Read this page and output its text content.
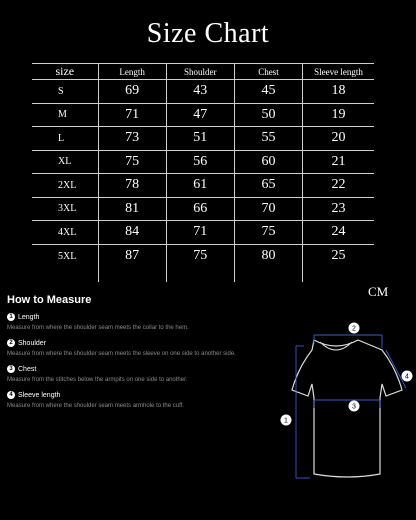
Size Chart
size	Length	Shoulder	Chest	Sleeve length
S	69	43	45	18
M	71	47	50	19
L	73	51	55	20
XL	75	56	60	21
2XL	78	61	65	22
3XL	81	66	70	23
4XL	84	71	75	24
5XL	87	75	80	25

CM
How to Measure
1 Length
Measure from where the shoulder seam meets the collar to the hem.
2 Shoulder
Measure from where the shoulder seam meets the sleeve on one side to another side.
3 Chest
Measure from the stitches below the armpits on one side to another.
4 Sleeve length
Measure from where the shoulder seam meets armhole to the cuff.
1
2
3
4
